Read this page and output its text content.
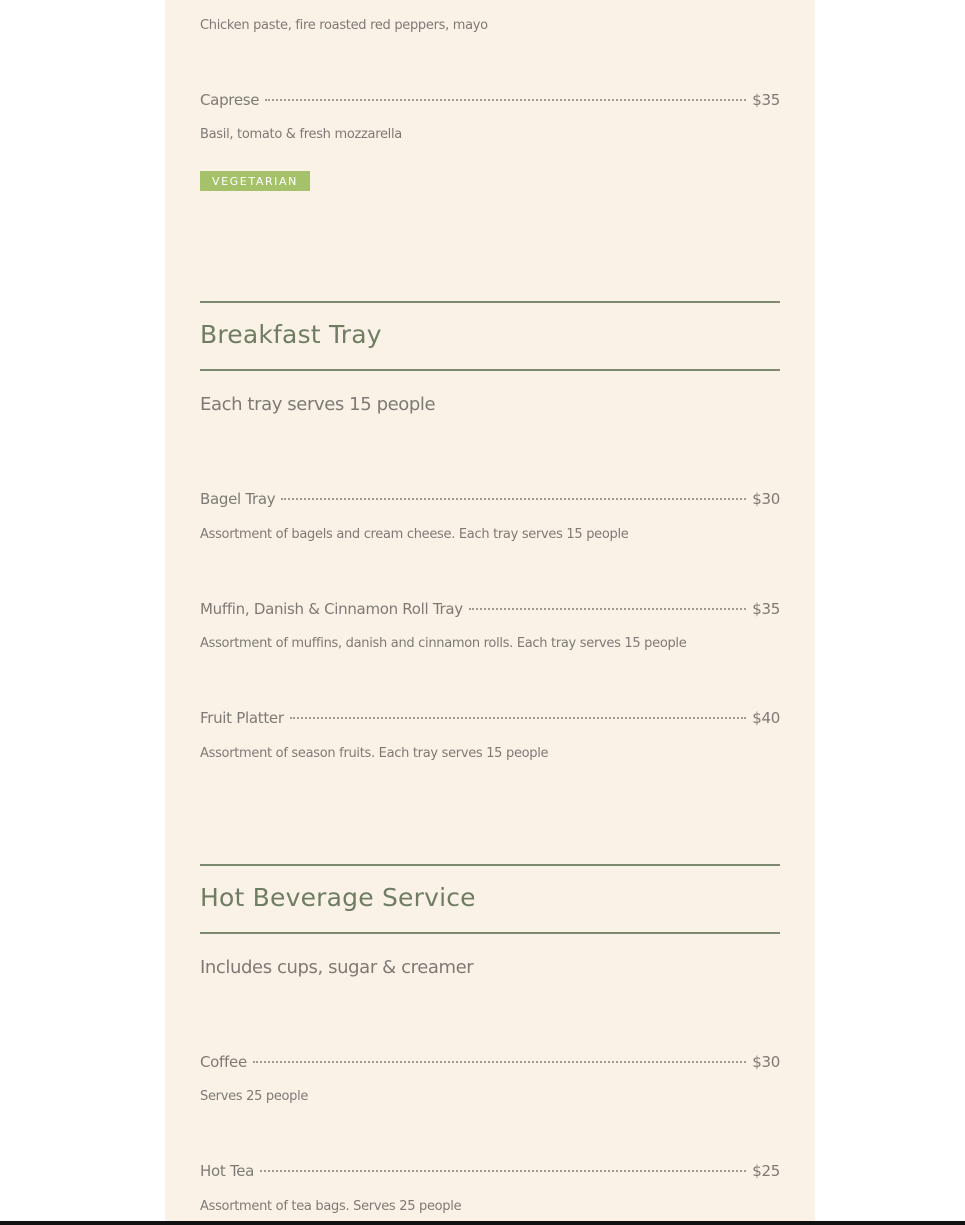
Chicken paste, fire roasted red peppers, mayo
Caprese	$35
Basil, tomato & fresh mozzarella
VEGETARIAN
Breakfast Tray
Each tray serves 15 people
Bagel Tray	$30
Assortment of bagels and cream cheese. Each tray serves 15 people
Muffin, Danish & Cinnamon Roll Tray	$35
Assortment of muffins, danish and cinnamon rolls. Each tray serves 15 people
Fruit Platter	$40
Assortment of season fruits. Each tray serves 15 people
Hot Beverage Service
Includes cups, sugar & creamer
Coffee	$30
Serves 25 people
Hot Tea	$25
Assortment of tea bags. Serves 25 people
